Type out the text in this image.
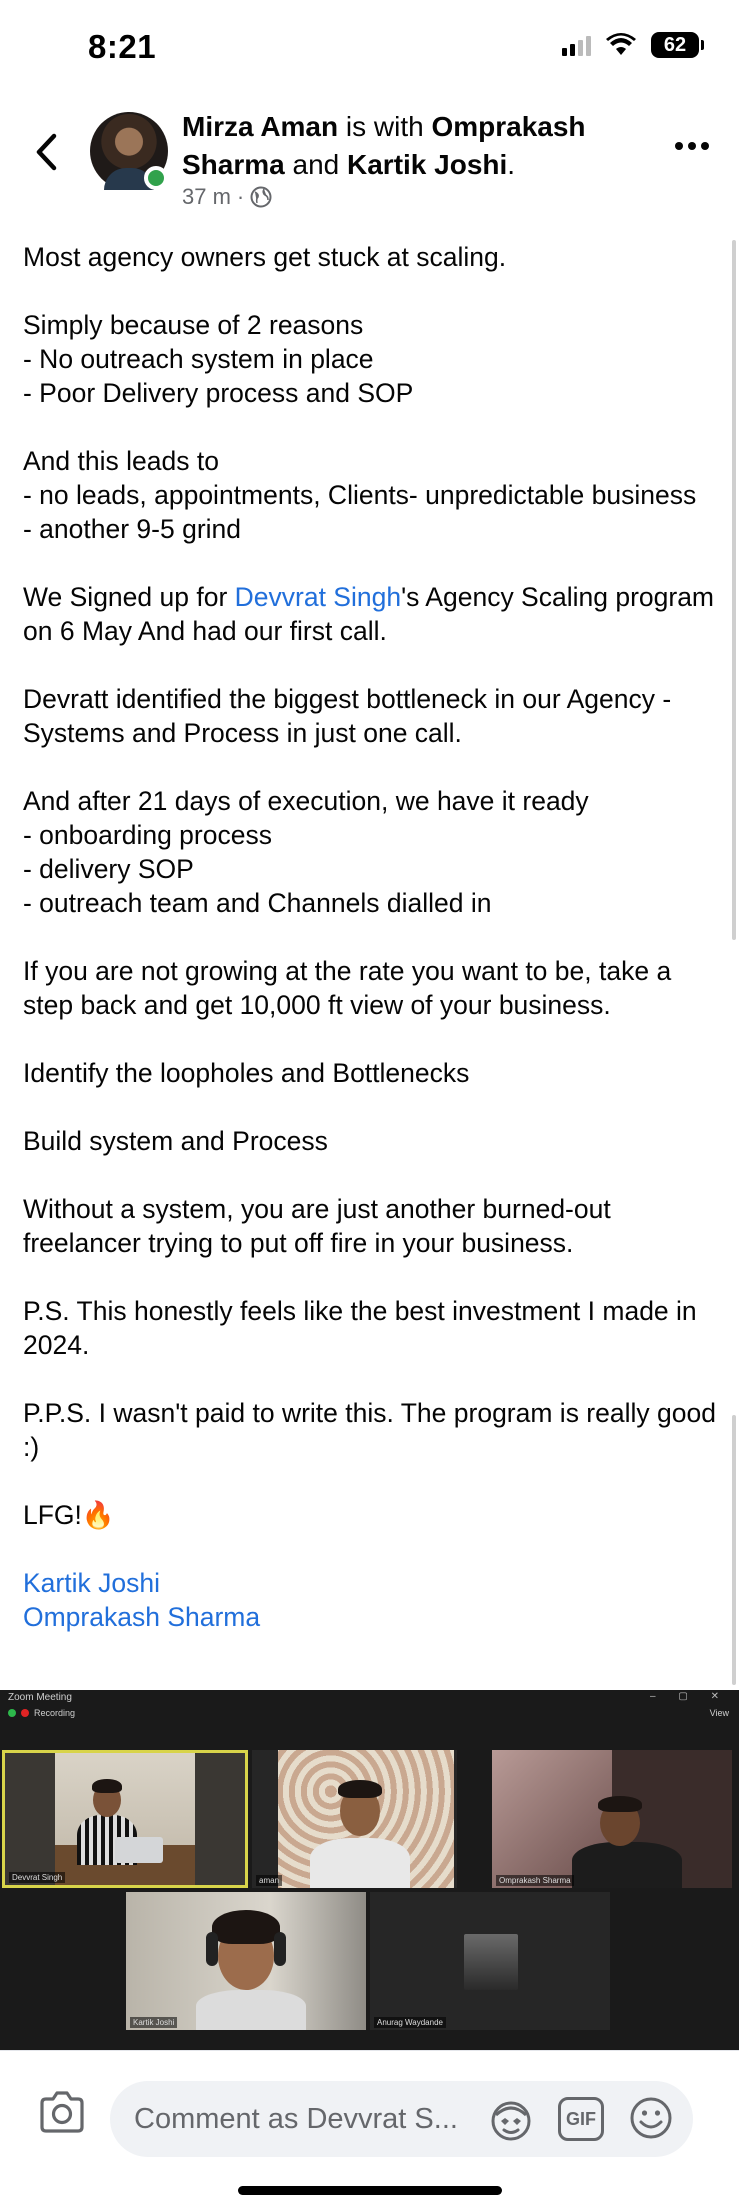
8:21	62
Mirza Aman is with Omprakash Sharma and Kartik Joshi.
37 m ·

Most agency owners get stuck at scaling.

Simply because of 2 reasons
- No outreach system in place
- Poor Delivery process and SOP

And this leads to
- no leads, appointments, Clients- unpredictable business
- another 9-5 grind

We Signed up for Devvrat Singh's Agency Scaling program on 6 May And had our first call.

Devratt identified the biggest bottleneck in our Agency - Systems and Process in just one call.

And after 21 days of execution, we have it ready
- onboarding process
- delivery SOP
- outreach team and Channels dialled in

If you are not growing at the rate you want to be, take a step back and get 10,000 ft view of your business.

Identify the loopholes and Bottlenecks

Build system and Process

Without a system, you are just another burned-out freelancer trying to put off fire in your business.

P.S. This honestly feels like the best investment I made in 2024.

P.P.S. I wasn't paid to write this. The program is really good :)

LFG!🔥

Kartik Joshi
Omprakash Sharma
Zoom Meeting	– ▢ ✕
Recording	View
Devvrat Singh	aman	Omprakash Sharma
Kartik Joshi	Anurag Waydande
Comment as Devvrat S...	GIF
